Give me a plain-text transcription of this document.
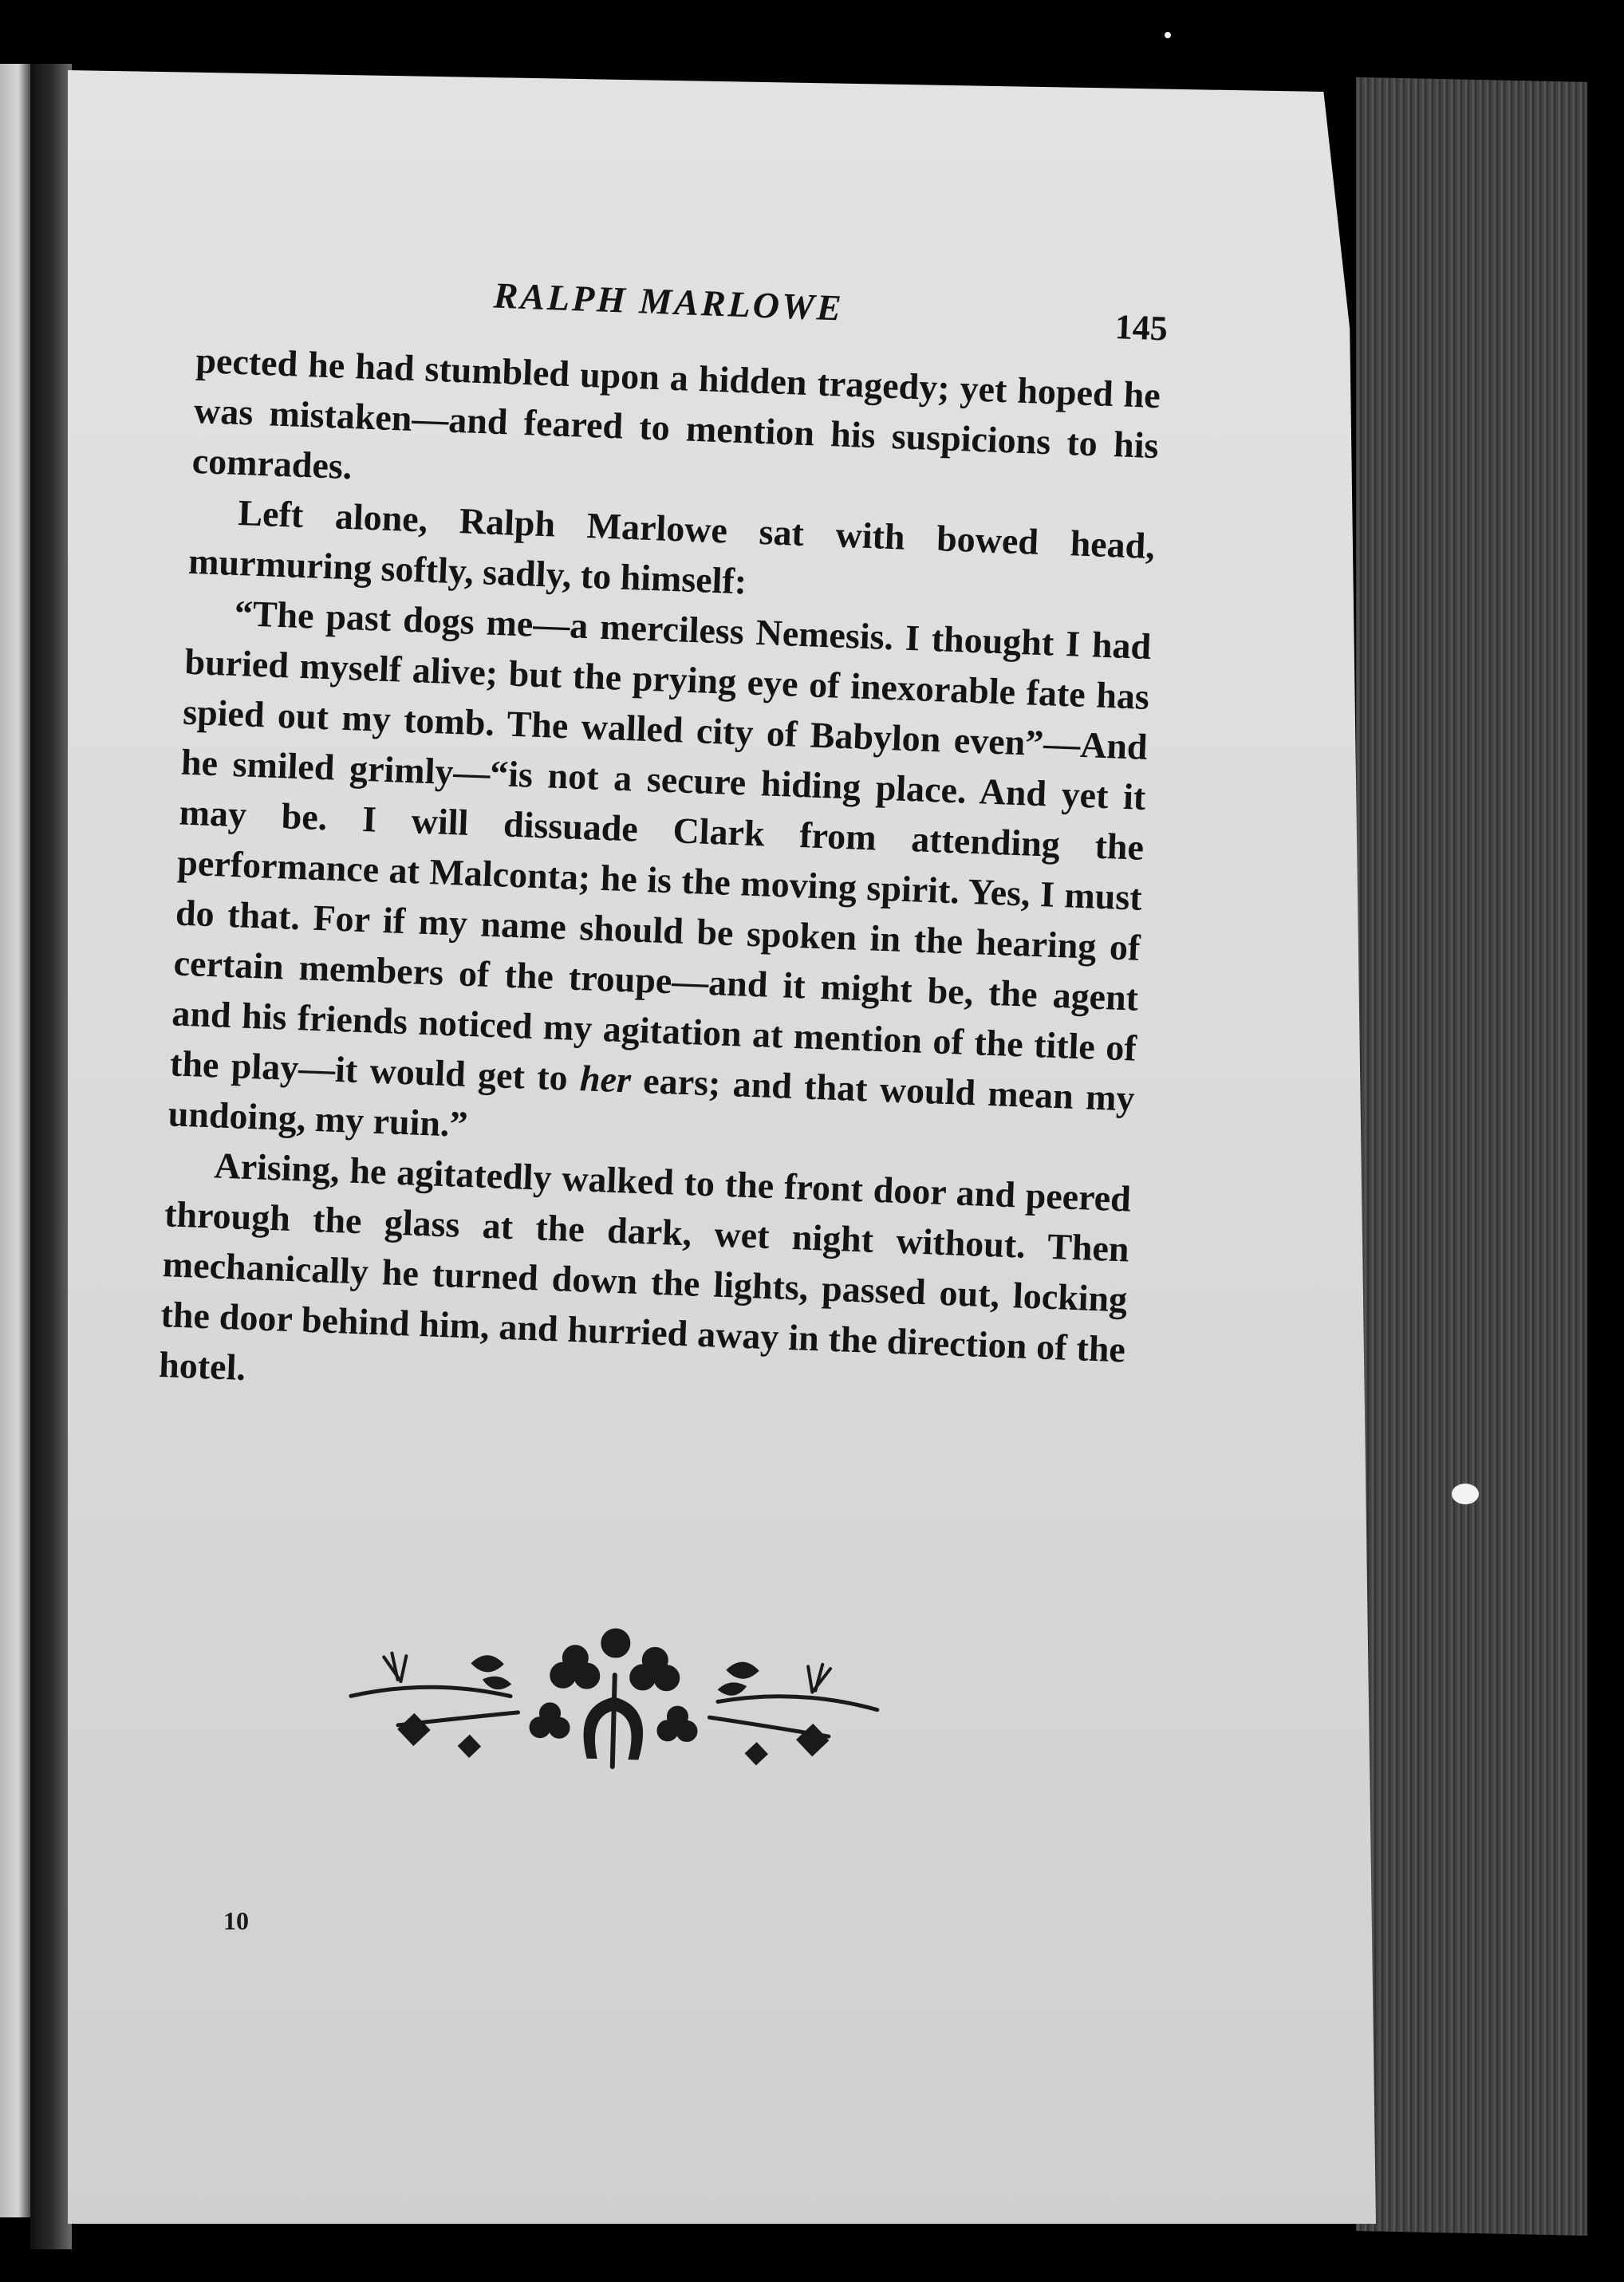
RALPH MARLOWE	145

pected he had stumbled upon a hidden tragedy; yet hoped he was mistaken—and feared to mention his suspicions to his comrades.

Left alone, Ralph Marlowe sat with bowed head, murmuring softly, sadly, to himself:

“The past dogs me—a merciless Nemesis. I thought I had buried myself alive; but the prying eye of inexorable fate has spied out my tomb. The walled city of Babylon even”—And he smiled grimly—“is not a secure hiding place. And yet it may be. I will dissuade Clark from attending the performance at Malconta; he is the moving spirit. Yes, I must do that. For if my name should be spoken in the hearing of certain members of the troupe—and it might be, the agent and his friends noticed my agitation at mention of the title of the play—it would get to her ears; and that would mean my undoing, my ruin.”

Arising, he agitatedly walked to the front door and peered through the glass at the dark, wet night without. Then mechanically he turned down the lights, passed out, locking the door behind him, and hurried away in the direction of the hotel.

10
